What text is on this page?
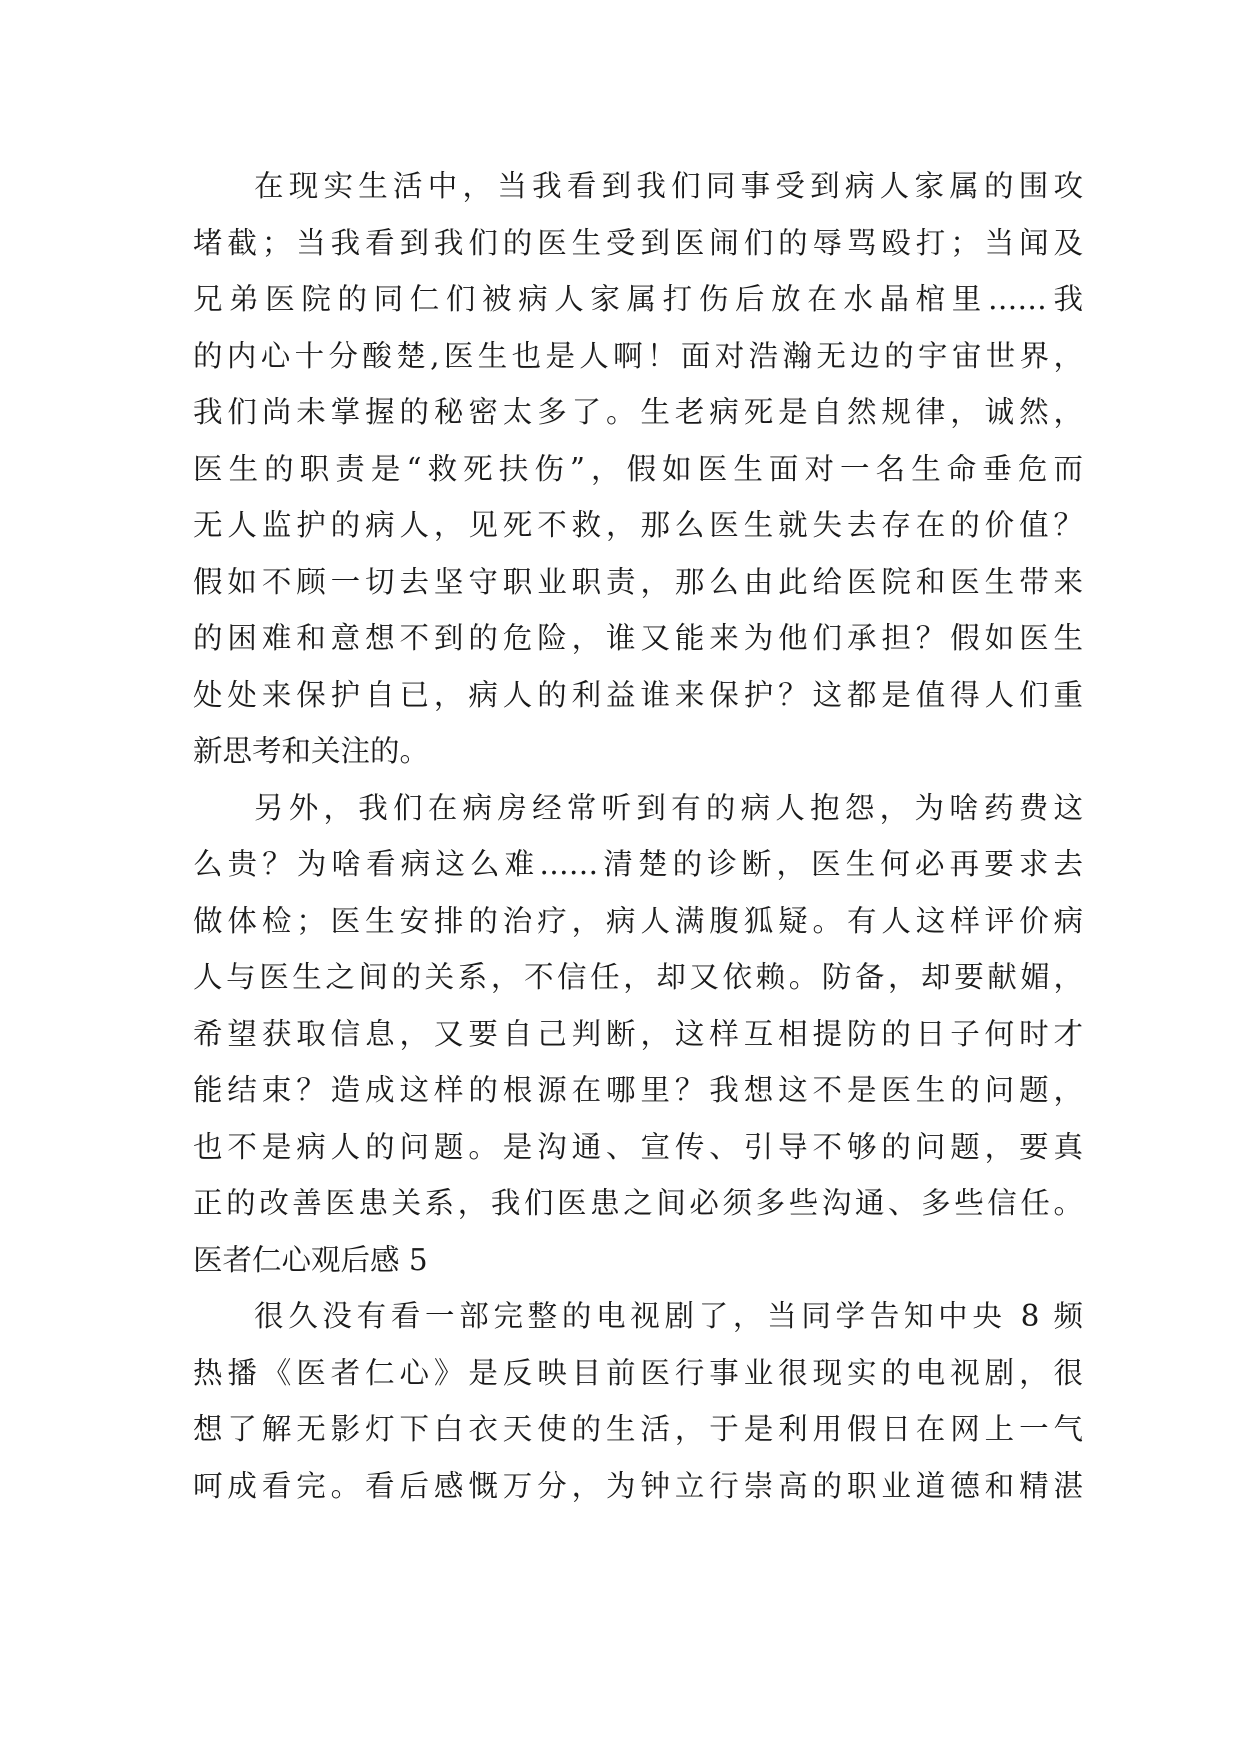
在现实生活中，当我看到我们同事受到病人家属的围攻
堵截；当我看到我们的医生受到医闹们的辱骂殴打；当闻及
兄弟医院的同仁们被病人家属打伤后放在水晶棺里……我
的内心十分酸楚,医生也是人啊！面对浩瀚无边的宇宙世界，
我们尚未掌握的秘密太多了。生老病死是自然规律，诚然，
医生的职责是“救死扶伤”，假如医生面对一名生命垂危而
无人监护的病人，见死不救，那么医生就失去存在的价值？
假如不顾一切去坚守职业职责，那么由此给医院和医生带来
的困难和意想不到的危险，谁又能来为他们承担？假如医生
处处来保护自已，病人的利益谁来保护？这都是值得人们重
新思考和关注的。
另外，我们在病房经常听到有的病人抱怨，为啥药费这
么贵？为啥看病这么难……清楚的诊断，医生何必再要求去
做体检；医生安排的治疗，病人满腹狐疑。有人这样评价病
人与医生之间的关系，不信任，却又依赖。防备，却要献媚，
希望获取信息，又要自己判断，这样互相提防的日子何时才
能结束？造成这样的根源在哪里？我想这不是医生的问题，
也不是病人的问题。是沟通、宣传、引导不够的问题，要真
正的改善医患关系，我们医患之间必须多些沟通、多些信任。
医者仁心观后感 5
很久没有看一部完整的电视剧了，当同学告知中央 8 频
热播《医者仁心》是反映目前医行事业很现实的电视剧，很
想了解无影灯下白衣天使的生活，于是利用假日在网上一气
呵成看完。看后感慨万分，为钟立行崇高的职业道德和精湛
